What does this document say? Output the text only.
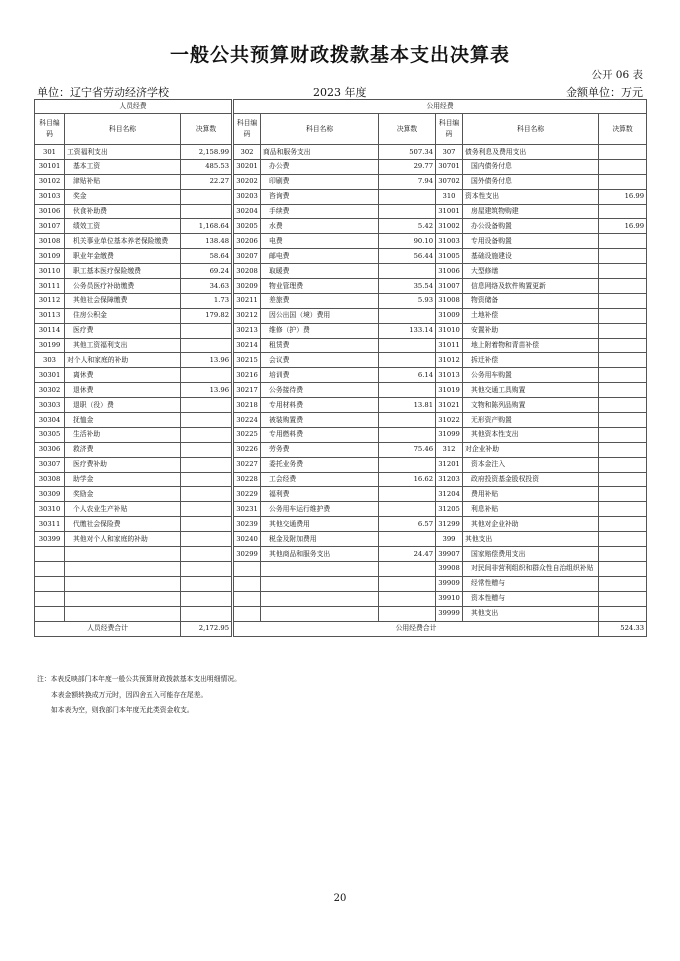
一般公共预算财政拨款基本支出决算表
公开 06 表
单位：辽宁省劳动经济学校	2023 年度	金额单位：万元
人员经费				公用经费					
科目编码	科目名称	决算数		科目编码	科目名称	决算数	科目编码	科目名称	决算数
301	工资福利支出	2,158.99		302	商品和服务支出	507.34	307	债务利息及费用支出	
30101	基本工资	485.53		30201	办公费	29.77	30701	国内债务付息	
30102	津贴补贴	22.27		30202	印刷费	7.94	30702	国外债务付息	
30103	奖金			30203	咨询费		310	资本性支出	16.99
30106	伙食补助费			30204	手续费		31001	房屋建筑物购建	
30107	绩效工资	1,168.64		30205	水费	5.42	31002	办公设备购置	16.99
30108	机关事业单位基本养老保险缴费	138.48		30206	电费	90.10	31003	专用设备购置	
30109	职业年金缴费	58.64		30207	邮电费	56.44	31005	基础设施建设	
30110	职工基本医疗保险缴费	69.24		30208	取暖费		31006	大型修缮	
30111	公务员医疗补助缴费	34.63		30209	物业管理费	35.54	31007	信息网络及软件购置更新	
30112	其他社会保障缴费	1.73		30211	差旅费	5.93	31008	物资储备	
30113	住房公积金	179.82		30212	因公出国（境）费用		31009	土地补偿	
30114	医疗费			30213	维修（护）费	133.14	31010	安置补助	
30199	其他工资福利支出			30214	租赁费		31011	地上附着物和青苗补偿	
303	对个人和家庭的补助	13.96		30215	会议费		31012	拆迁补偿	
30301	离休费			30216	培训费	6.14	31013	公务用车购置	
30302	退休费	13.96		30217	公务接待费		31019	其他交通工具购置	
30303	退职（役）费			30218	专用材料费	13.81	31021	文物和陈列品购置	
30304	抚恤金			30224	被装购置费		31022	无形资产购置	
30305	生活补助			30225	专用燃料费		31099	其他资本性支出	
30306	救济费			30226	劳务费	75.46	312	对企业补助	
30307	医疗费补助			30227	委托业务费		31201	资本金注入	
30308	助学金			30228	工会经费	16.62	31203	政府投资基金股权投资	
30309	奖励金			30229	福利费		31204	费用补贴	
30310	个人农业生产补贴			30231	公务用车运行维护费		31205	利息补贴	
30311	代缴社会保险费			30239	其他交通费用	6.57	31299	其他对企业补助	
30399	其他对个人和家庭的补助			30240	税金及附加费用		399	其他支出	
				30299	其他商品和服务支出	24.47	39907	国家赔偿费用支出	
							39908	对民间非营利组织和群众性自治组织补贴	
							39909	经常性赠与	
							39910	资本性赠与	
							39999	其他支出	
人员经费合计		2,172.95		公用经费合计					524.33
注：本表反映部门本年度一般公共预算财政拨款基本支出明细情况。
本表金额转换成万元时，因四舍五入可能存在尾差。
如本表为空，则我部门本年度无此类资金收支。
20
